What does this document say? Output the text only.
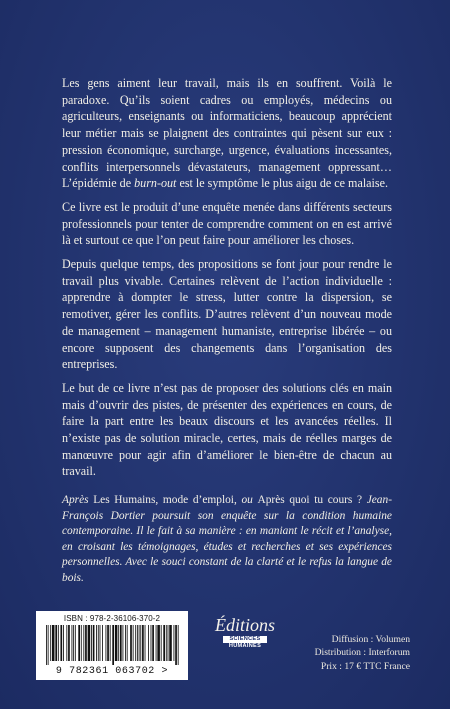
Les gens aiment leur travail, mais ils en souffrent. Voilà le paradoxe. Qu’ils soient cadres ou employés, médecins ou agriculteurs, enseignants ou informaticiens, beaucoup apprécient leur métier mais se plaignent des contraintes qui pèsent sur eux : pression économique, surcharge, urgence, évaluations incessantes, conflits interpersonnels dévastateurs, management oppressant… L’épidémie de burn-out est le symptôme le plus aigu de ce malaise.

Ce livre est le produit d’une enquête menée dans différents secteurs professionnels pour tenter de comprendre comment on en est arrivé là et surtout ce que l’on peut faire pour améliorer les choses.

Depuis quelque temps, des propositions se font jour pour rendre le travail plus vivable. Certaines relèvent de l’action individuelle : apprendre à dompter le stress, lutter contre la dispersion, se remotiver, gérer les conflits. D’autres relèvent d’un nouveau mode de management – management humaniste, entreprise libérée – ou encore supposent des changements dans l’organisation des entreprises.

Le but de ce livre n’est pas de proposer des solutions clés en main mais d’ouvrir des pistes, de présenter des expériences en cours, de faire la part entre les beaux discours et les avancées réelles. Il n’existe pas de solution miracle, certes, mais de réelles marges de manœuvre pour agir afin d’améliorer le bien-être de chacun au travail.

Après Les Humains, mode d’emploi, ou Après quoi tu cours ? Jean-François Dortier poursuit son enquête sur la condition humaine contemporaine. Il le fait à sa manière : en maniant le récit et l’analyse, en croisant les témoignages, études et recherches et ses expériences personnelles. Avec le souci constant de la clarté et le refus la langue de bois.
ISBN : 978-2-36106-370-2
9 782361 063702 >
Éditions
SCIENCES
HUMAINES
Diffusion : Volumen
Distribution : Interforum
Prix : 17 € TTC France
